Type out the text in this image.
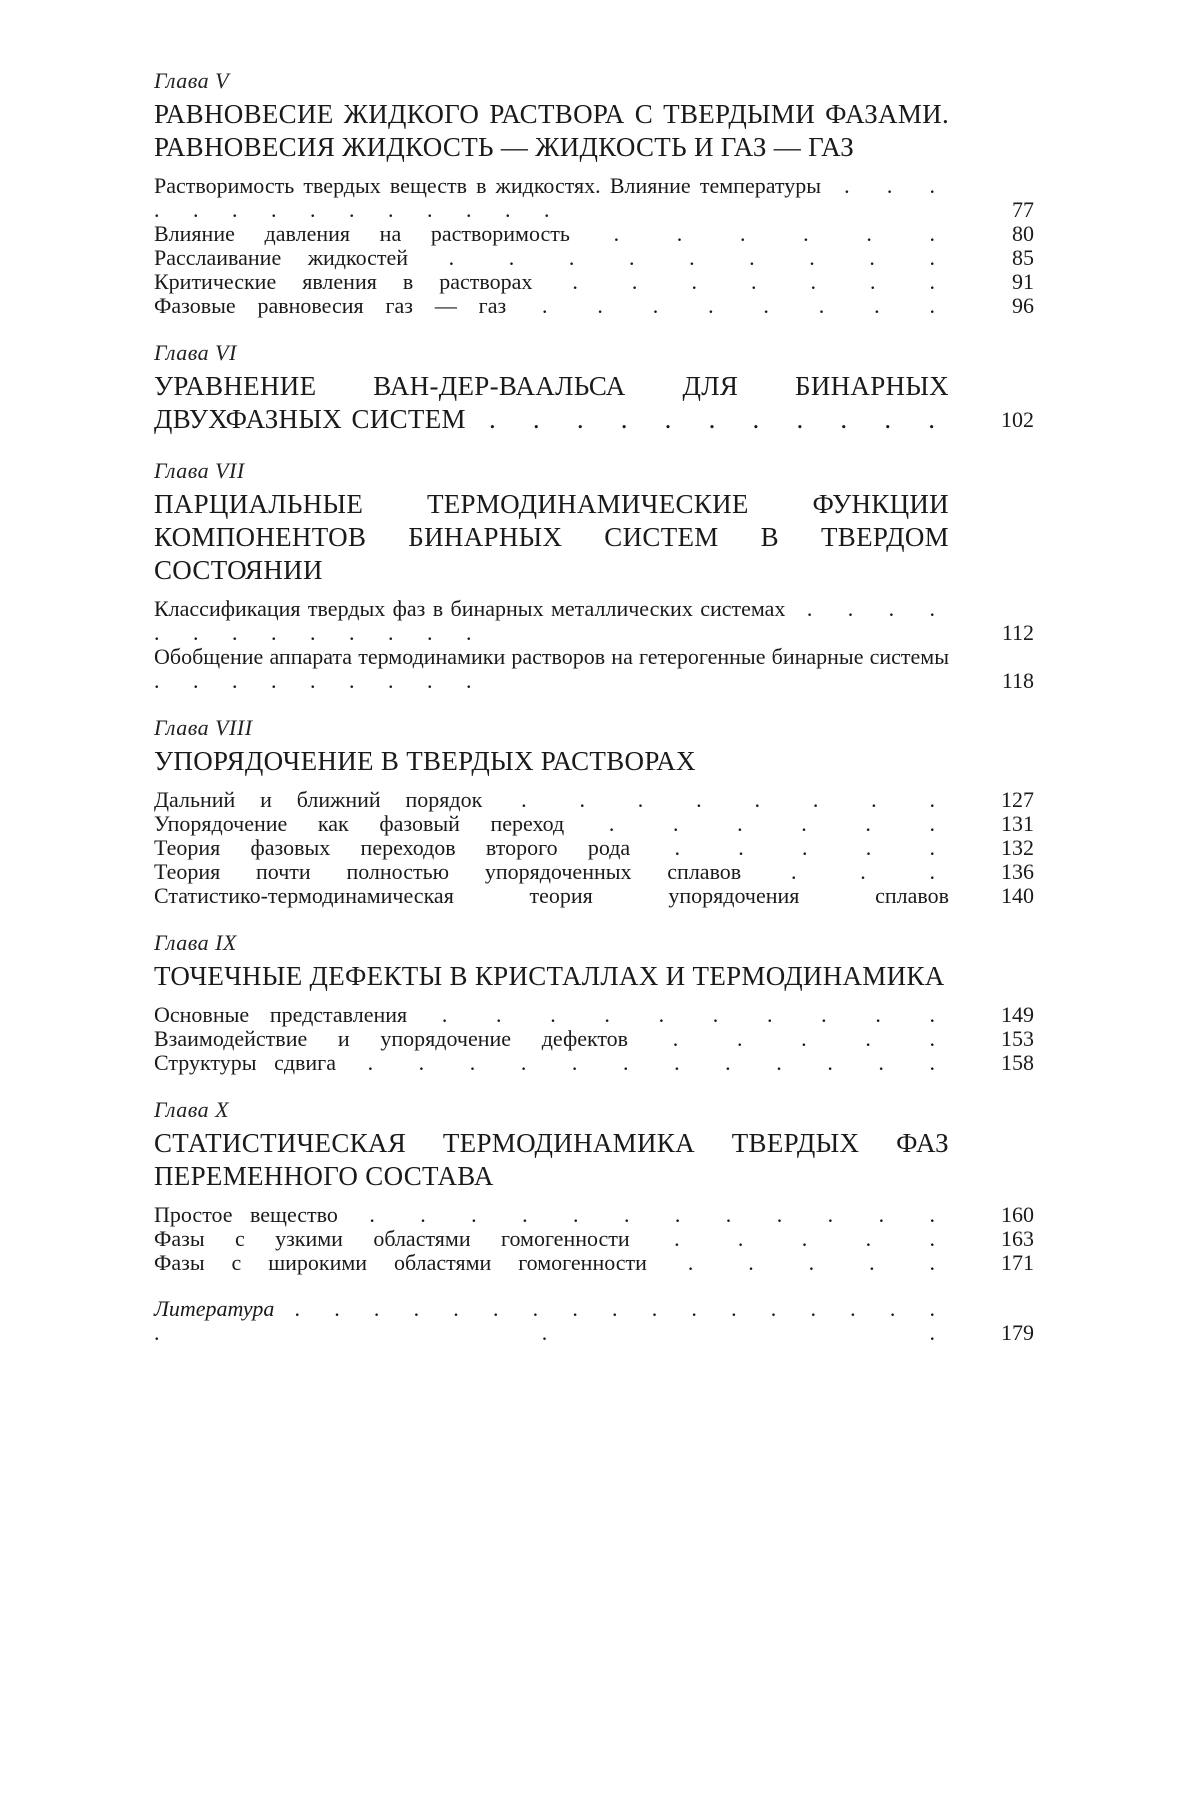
Глава V
РАВНОВЕСИЕ ЖИДКОГО РАСТВОРА С ТВЕРДЫМИ ФАЗАМИ. РАВНОВЕСИЯ ЖИДКОСТЬ — ЖИДКОСТЬ И ГАЗ — ГАЗ
Растворимость твердых веществ в жидкостях. Влияние температуры . . . . . . . . . . . . . .	77
Влияние давления на растворимость . . . . . .	80
Расслаивание жидкостей . . . . . . . . .	85
Критические явления в растворах . . . . . . .	91
Фазовые равновесия газ — газ . . . . . . . .	96
Глава VI
УРАВНЕНИЕ ВАН-ДЕР-ВААЛЬСА ДЛЯ БИНАРНЫХ
ДВУХФАЗНЫХ СИСТЕМ . . . . . . . . . . .	102
Глава VII
ПАРЦИАЛЬНЫЕ ТЕРМОДИНАМИЧЕСКИЕ ФУНКЦИИ КОМПОНЕНТОВ БИНАРНЫХ СИСТЕМ В ТВЕРДОМ СОСТОЯНИИ
Классификация твердых фаз в бинарных металлических системах . . . . . . . . . . . . .	112
Обобщение аппарата термодинамики растворов на гетерогенные бинарные системы . . . . . . . . .	118
Глава VIII
УПОРЯДОЧЕНИЕ В ТВЕРДЫХ РАСТВОРАХ
Дальний и ближний порядок . . . . . . . .	127
Упорядочение как фазовый переход . . . . . .	131
Теория фазовых переходов второго рода . . . . .	132
Теория почти полностью упорядоченных сплавов . . .	136
Статистико-термодинамическая теория упорядочения сплавов	140
Глава IX
ТОЧЕЧНЫЕ ДЕФЕКТЫ В КРИСТАЛЛАХ И ТЕРМОДИНАМИКА
Основные представления . . . . . . . . . .	149
Взаимодействие и упорядочение дефектов . . . . .	153
Структуры сдвига . . . . . . . . . . . .	158
Глава X
СТАТИСТИЧЕСКАЯ ТЕРМОДИНАМИКА ТВЕРДЫХ ФАЗ ПЕРЕМЕННОГО СОСТАВА
Простое вещество . . . . . . . . . . . .	160
Фазы с узкими областями гомогенности . . . . .	163
Фазы с широкими областями гомогенности . . . . .	171
Литература . . . . . . . . . . . . . . . . . . . .	179
